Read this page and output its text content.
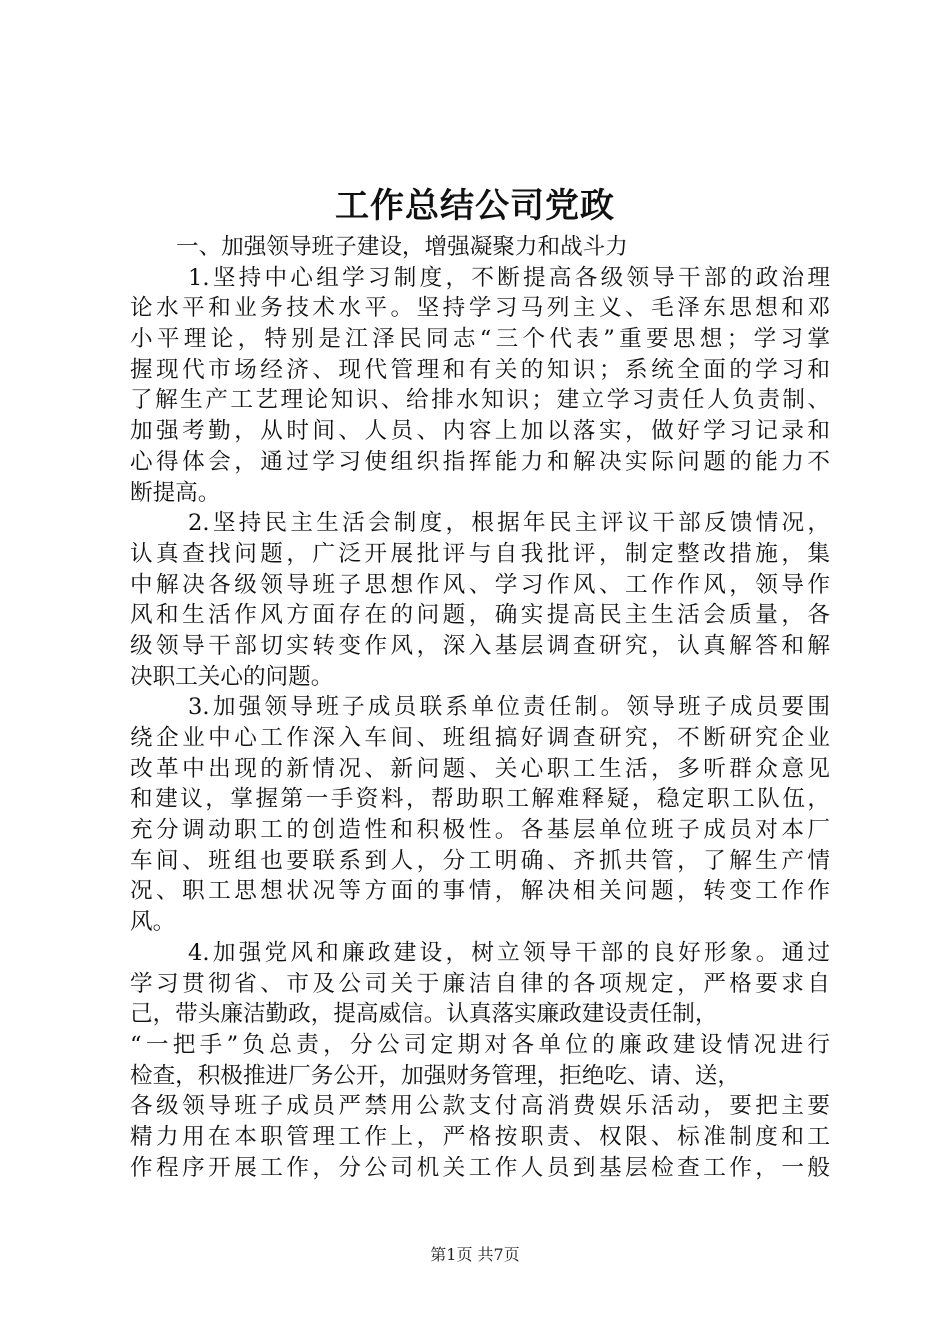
工作总结公司党政
一、加强领导班子建设，增强凝聚力和战斗力
1.坚持中心组学习制度，不断提高各级领导干部的政治理
论水平和业务技术水平。坚持学习马列主义、毛泽东思想和邓
小平理论，特别是江泽民同志“三个代表”重要思想；学习掌
握现代市场经济、现代管理和有关的知识；系统全面的学习和
了解生产工艺理论知识、给排水知识；建立学习责任人负责制、
加强考勤，从时间、人员、内容上加以落实，做好学习记录和
心得体会，通过学习使组织指挥能力和解决实际问题的能力不
断提高。
2.坚持民主生活会制度，根据年民主评议干部反馈情况，
认真查找问题，广泛开展批评与自我批评，制定整改措施，集
中解决各级领导班子思想作风、学习作风、工作作风，领导作
风和生活作风方面存在的问题，确实提高民主生活会质量，各
级领导干部切实转变作风，深入基层调查研究，认真解答和解
决职工关心的问题。
3.加强领导班子成员联系单位责任制。领导班子成员要围
绕企业中心工作深入车间、班组搞好调查研究，不断研究企业
改革中出现的新情况、新问题、关心职工生活，多听群众意见
和建议，掌握第一手资料，帮助职工解难释疑，稳定职工队伍，
充分调动职工的创造性和积极性。各基层单位班子成员对本厂
车间、班组也要联系到人，分工明确、齐抓共管，了解生产情
况、职工思想状况等方面的事情，解决相关问题，转变工作作
风。
4.加强党风和廉政建设，树立领导干部的良好形象。通过
学习贯彻省、市及公司关于廉洁自律的各项规定，严格要求自
己，带头廉洁勤政，提高威信。认真落实廉政建设责任制，
“一把手”负总责，分公司定期对各单位的廉政建设情况进行
检查，积极推进厂务公开，加强财务管理，拒绝吃、请、送，
各级领导班子成员严禁用公款支付高消费娱乐活动，要把主要
精力用在本职管理工作上，严格按职责、权限、标准制度和工
作程序开展工作，分公司机关工作人员到基层检查工作，一般
第1页 共7页
